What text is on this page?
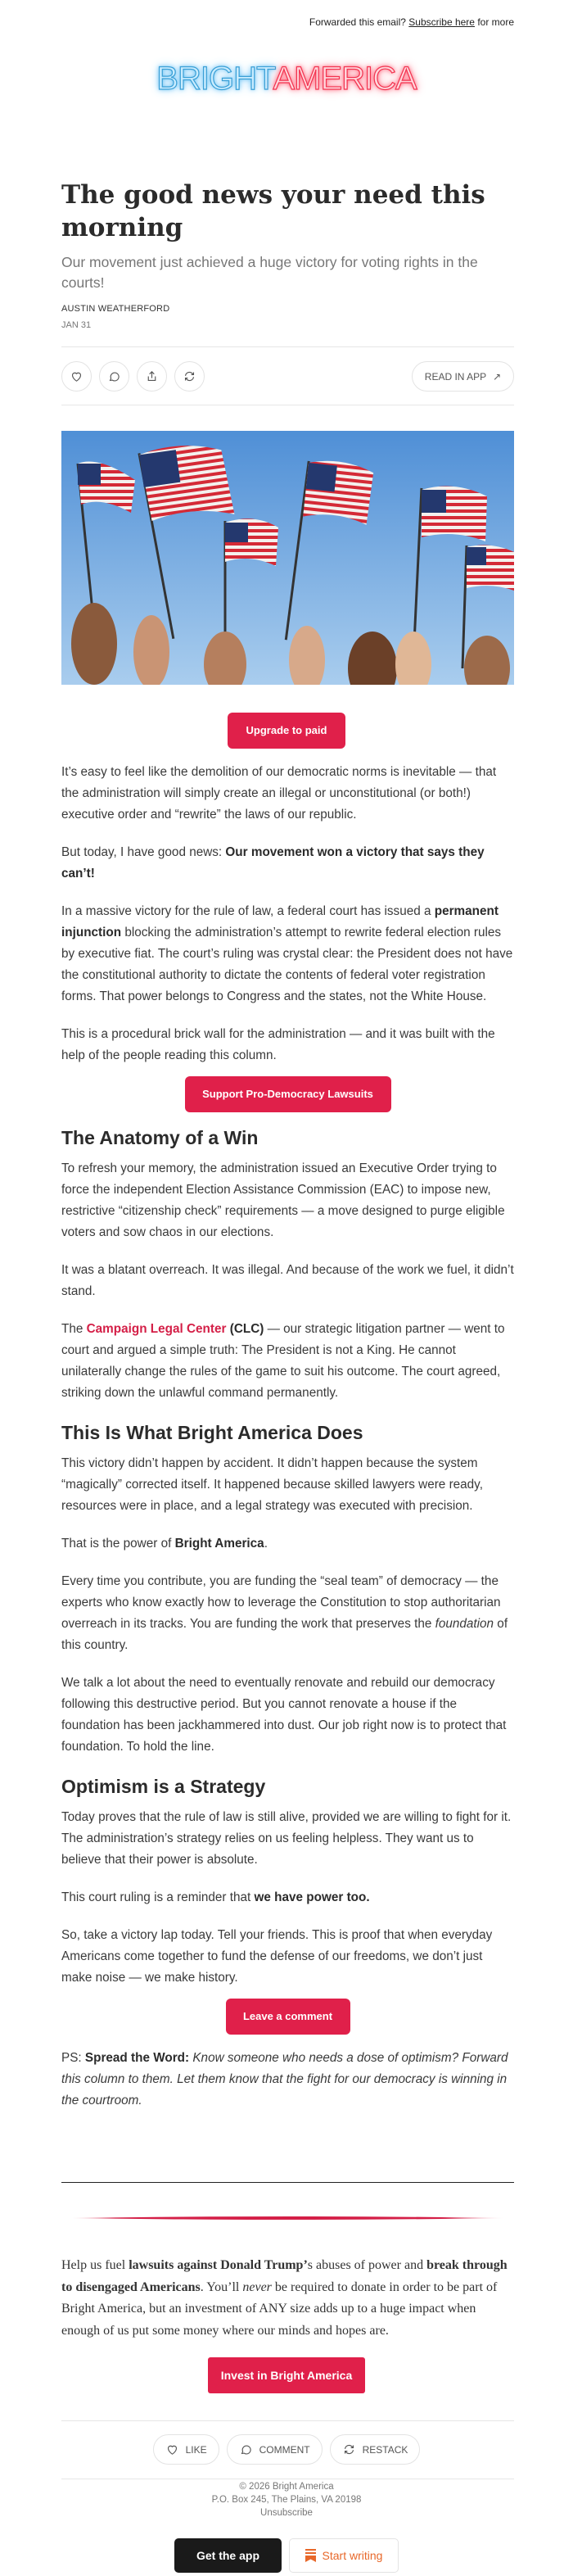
Forwarded this email? Subscribe here for more
BRIGHTAMERICA
The good news your need this morning
Our movement just achieved a huge victory for voting rights in the courts!
AUSTIN WEATHERFORD
JAN 31
READ IN APP ↗
Upgrade to paid

It’s easy to feel like the demolition of our democratic norms is inevitable — that the administration will simply create an illegal or unconstitutional (or both!) executive order and “rewrite” the laws of our republic.

But today, I have good news: Our movement won a victory that says they can’t!

In a massive victory for the rule of law, a federal court has issued a permanent injunction blocking the administration’s attempt to rewrite federal election rules by executive fiat. The court’s ruling was crystal clear: the President does not have the constitutional authority to dictate the contents of federal voter registration forms. That power belongs to Congress and the states, not the White House.

This is a procedural brick wall for the administration — and it was built with the help of the people reading this column.

Support Pro-Democracy Lawsuits
The Anatomy of a Win

To refresh your memory, the administration issued an Executive Order trying to force the independent Election Assistance Commission (EAC) to impose new, restrictive “citizenship check” requirements — a move designed to purge eligible voters and sow chaos in our elections.

It was a blatant overreach. It was illegal. And because of the work we fuel, it didn’t stand.

The Campaign Legal Center (CLC) — our strategic litigation partner — went to court and argued a simple truth: The President is not a King. He cannot unilaterally change the rules of the game to suit his outcome. The court agreed, striking down the unlawful command permanently.

This Is What Bright America Does

This victory didn’t happen by accident. It didn’t happen because the system “magically” corrected itself. It happened because skilled lawyers were ready, resources were in place, and a legal strategy was executed with precision.

That is the power of Bright America.

Every time you contribute, you are funding the “seal team” of democracy — the experts who know exactly how to leverage the Constitution to stop authoritarian overreach in its tracks. You are funding the work that preserves the foundation of this country.

We talk a lot about the need to eventually renovate and rebuild our democracy following this destructive period. But you cannot renovate a house if the foundation has been jackhammered into dust. Our job right now is to protect that foundation. To hold the line.

Optimism is a Strategy

Today proves that the rule of law is still alive, provided we are willing to fight for it. The administration’s strategy relies on us feeling helpless. They want us to believe that their power is absolute.

This court ruling is a reminder that we have power too.

So, take a victory lap today. Tell your friends. This is proof that when everyday Americans come together to fund the defense of our freedoms, we don’t just make noise — we make history.

Leave a comment

PS: Spread the Word: Know someone who needs a dose of optimism? Forward this column to them. Let them know that the fight for our democracy is winning in the courtroom.

Help us fuel lawsuits against Donald Trump’s abuses of power and break through to disengaged Americans. You’ll never be required to donate in order to be part of Bright America, but an investment of ANY size adds up to a huge impact when enough of us put some money where our minds and hopes are.

Invest in Bright America
LIKE	COMMENT	RESTACK
© 2026 Bright America
P.O. Box 245, The Plains, VA 20198
Unsubscribe
Get the app	Start writing
